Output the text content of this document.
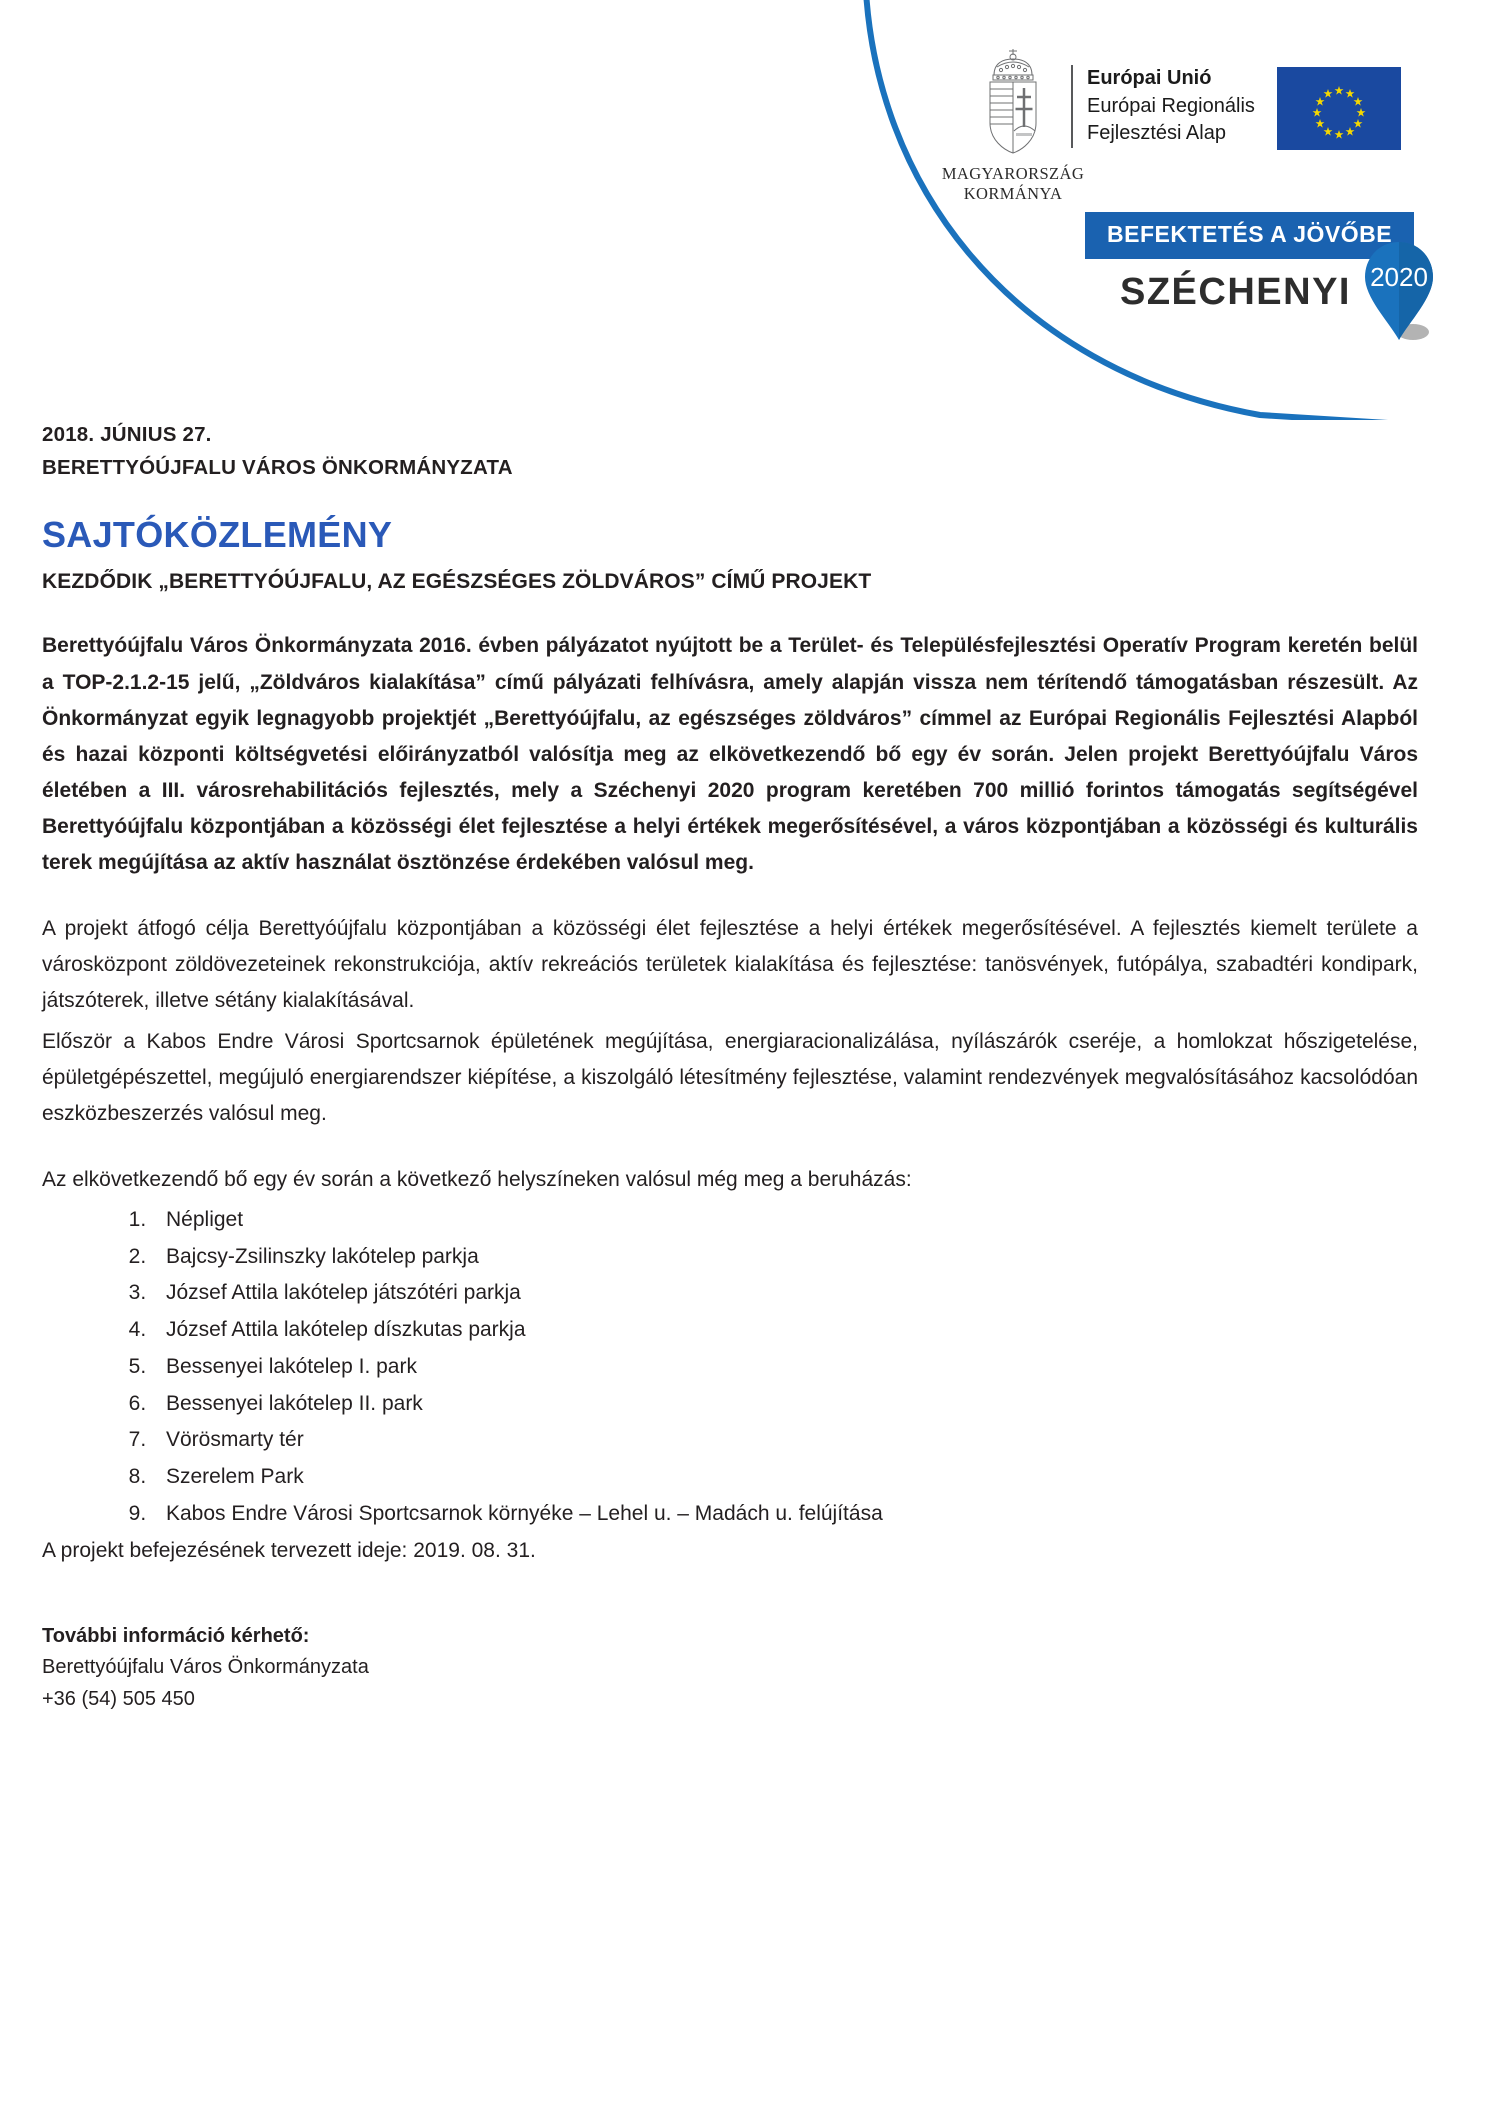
MAGYARORSZÁG
KORMÁNYA
Európai Unió
Európai Regionális
Fejlesztési Alap
BEFEKTETÉS A JÖVŐBE
SZÉCHENYI 2020
2018. JÚNIUS 27.
BERETTYÓÚJFALU VÁROS ÖNKORMÁNYZATA
SAJTÓKÖZLEMÉNY
KEZDŐDIK „BERETTYÓÚJFALU, AZ EGÉSZSÉGES ZÖLDVÁROS” CÍMŰ PROJEKT

Berettyóújfalu Város Önkormányzata 2016. évben pályázatot nyújtott be a Terület- és Településfejlesztési Operatív Program keretén belül a TOP-2.1.2-15 jelű, „Zöldváros kialakítása” című pályázati felhívásra, amely alapján vissza nem térítendő támogatásban részesült. Az Önkormányzat egyik legnagyobb projektjét „Berettyóújfalu, az egészséges zöldváros” címmel az Európai Regionális Fejlesztési Alapból és hazai központi költségvetési előirányzatból valósítja meg az elkövetkezendő bő egy év során. Jelen projekt Berettyóújfalu Város életében a III. városrehabilitációs fejlesztés, mely a Széchenyi 2020 program keretében 700 millió forintos támogatás segítségével Berettyóújfalu központjában a közösségi élet fejlesztése a helyi értékek megerősítésével, a város központjában a közösségi és kulturális terek megújítása az aktív használat ösztönzése érdekében valósul meg.

A projekt átfogó célja Berettyóújfalu központjában a közösségi élet fejlesztése a helyi értékek megerősítésével. A fejlesztés kiemelt területe a városközpont zöldövezeteinek rekonstrukciója, aktív rekreációs területek kialakítása és fejlesztése: tanösvények, futópálya, szabadtéri kondipark, játszóterek, illetve sétány kialakításával.

Először a Kabos Endre Városi Sportcsarnok épületének megújítása, energiaracionalizálása, nyílászárók cseréje, a homlokzat hőszigetelése, épületgépészettel, megújuló energiarendszer kiépítése, a kiszolgáló létesítmény fejlesztése, valamint rendezvények megvalósításához kacsolódóan eszközbeszerzés valósul meg.

Az elkövetkezendő bő egy év során a következő helyszíneken valósul még meg a beruházás:

1. Népliget
2. Bajcsy-Zsilinszky lakótelep parkja
3. József Attila lakótelep játszótéri parkja
4. József Attila lakótelep díszkutas parkja
5. Bessenyei lakótelep I. park
6. Bessenyei lakótelep II. park
7. Vörösmarty tér
8. Szerelem Park
9. Kabos Endre Városi Sportcsarnok környéke – Lehel u. – Madách u. felújítása

A projekt befejezésének tervezett ideje: 2019. 08. 31.

További információ kérhető:
Berettyóújfalu Város Önkormányzata
+36 (54) 505 450
